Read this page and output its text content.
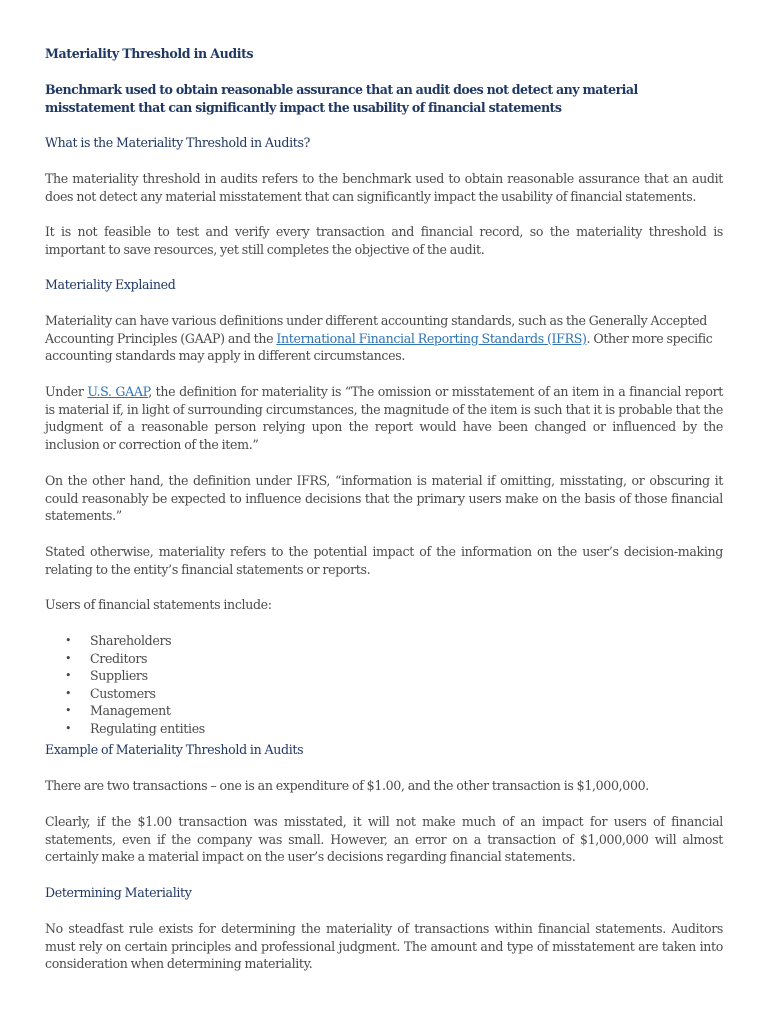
Materiality Threshold in Audits

Benchmark used to obtain reasonable assurance that an audit does not detect any material misstatement that can significantly impact the usability of financial statements

What is the Materiality Threshold in Audits?

The materiality threshold in audits refers to the benchmark used to obtain reasonable assurance that an audit does not detect any material misstatement that can significantly impact the usability of financial statements.

It is not feasible to test and verify every transaction and financial record, so the materiality threshold is important to save resources, yet still completes the objective of the audit.

Materiality Explained

Materiality can have various definitions under different accounting standards, such as the Generally Accepted Accounting Principles (GAAP) and the International Financial Reporting Standards (IFRS). Other more specific accounting standards may apply in different circumstances.

Under U.S. GAAP, the definition for materiality is “The omission or misstatement of an item in a financial report is material if, in light of surrounding circumstances, the magnitude of the item is such that it is probable that the judgment of a reasonable person relying upon the report would have been changed or influenced by the inclusion or correction of the item.”

On the other hand, the definition under IFRS, “information is material if omitting, misstating, or obscuring it could reasonably be expected to influence decisions that the primary users make on the basis of those financial statements.”

Stated otherwise, materiality refers to the potential impact of the information on the user’s decision-making relating to the entity’s financial statements or reports.

Users of financial statements include:

• Shareholders
• Creditors
• Suppliers
• Customers
• Management
• Regulating entities

Example of Materiality Threshold in Audits

There are two transactions – one is an expenditure of $1.00, and the other transaction is $1,000,000.

Clearly, if the $1.00 transaction was misstated, it will not make much of an impact for users of financial statements, even if the company was small. However, an error on a transaction of $1,000,000 will almost certainly make a material impact on the user’s decisions regarding financial statements.

Determining Materiality

No steadfast rule exists for determining the materiality of transactions within financial statements. Auditors must rely on certain principles and professional judgment. The amount and type of misstatement are taken into consideration when determining materiality.
